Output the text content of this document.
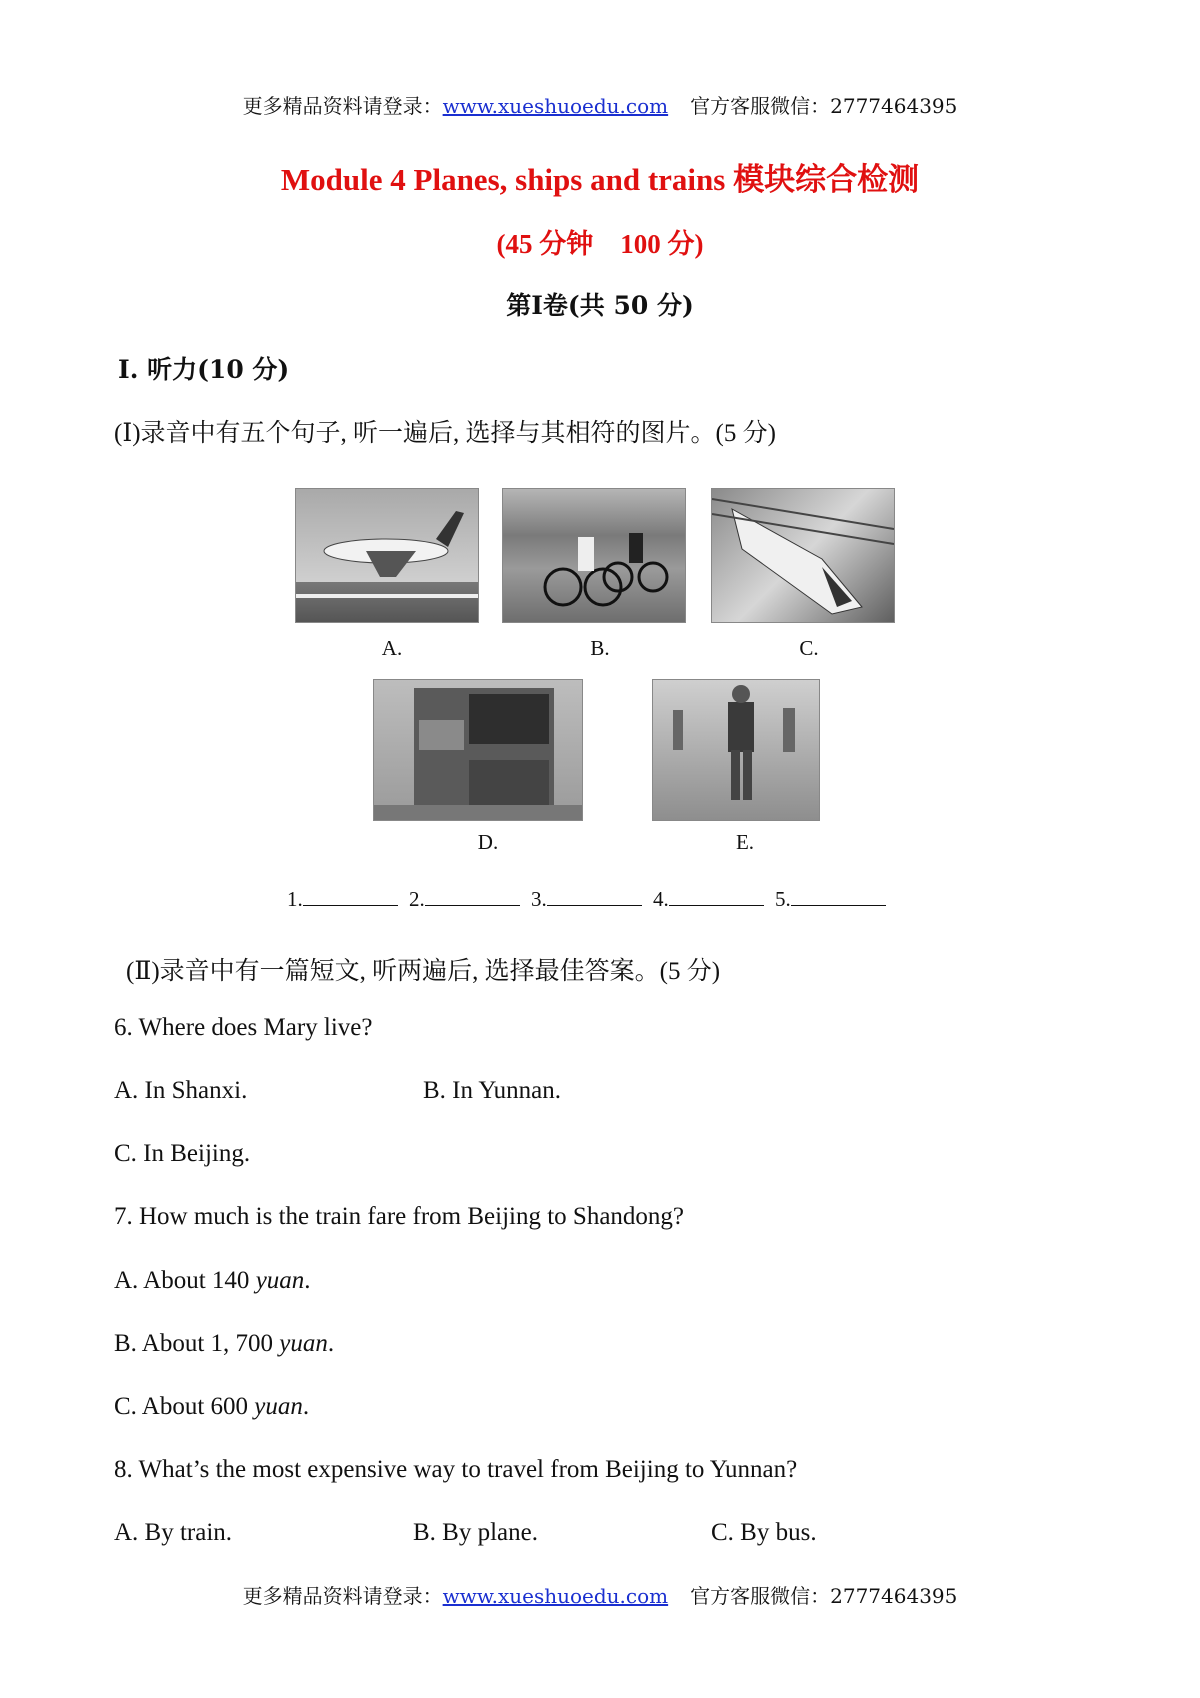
更多精品资料请登录：www.xueshuoedu.com 官方客服微信：2777464395
Module 4 Planes, ships and trains 模块综合检测
(45 分钟　100 分)
第Ⅰ卷(共 50 分)
Ⅰ. 听力(10 分)
(Ⅰ)录音中有五个句子, 听一遍后, 选择与其相符的图片。(5 分)
A.	B.	C.
D.	E.
1.	2.	3.	4.	5.
(Ⅱ)录音中有一篇短文, 听两遍后, 选择最佳答案。(5 分)
6. Where does Mary live?
A. In Shanxi.	B. In Yunnan.
C. In Beijing.
7. How much is the train fare from Beijing to Shandong?
A. About 140 yuan.
B. About 1, 700 yuan.
C. About 600 yuan.
8. What’s the most expensive way to travel from Beijing to Yunnan?
A. By train.	B. By plane.	C. By bus.
更多精品资料请登录：www.xueshuoedu.com 官方客服微信：2777464395
